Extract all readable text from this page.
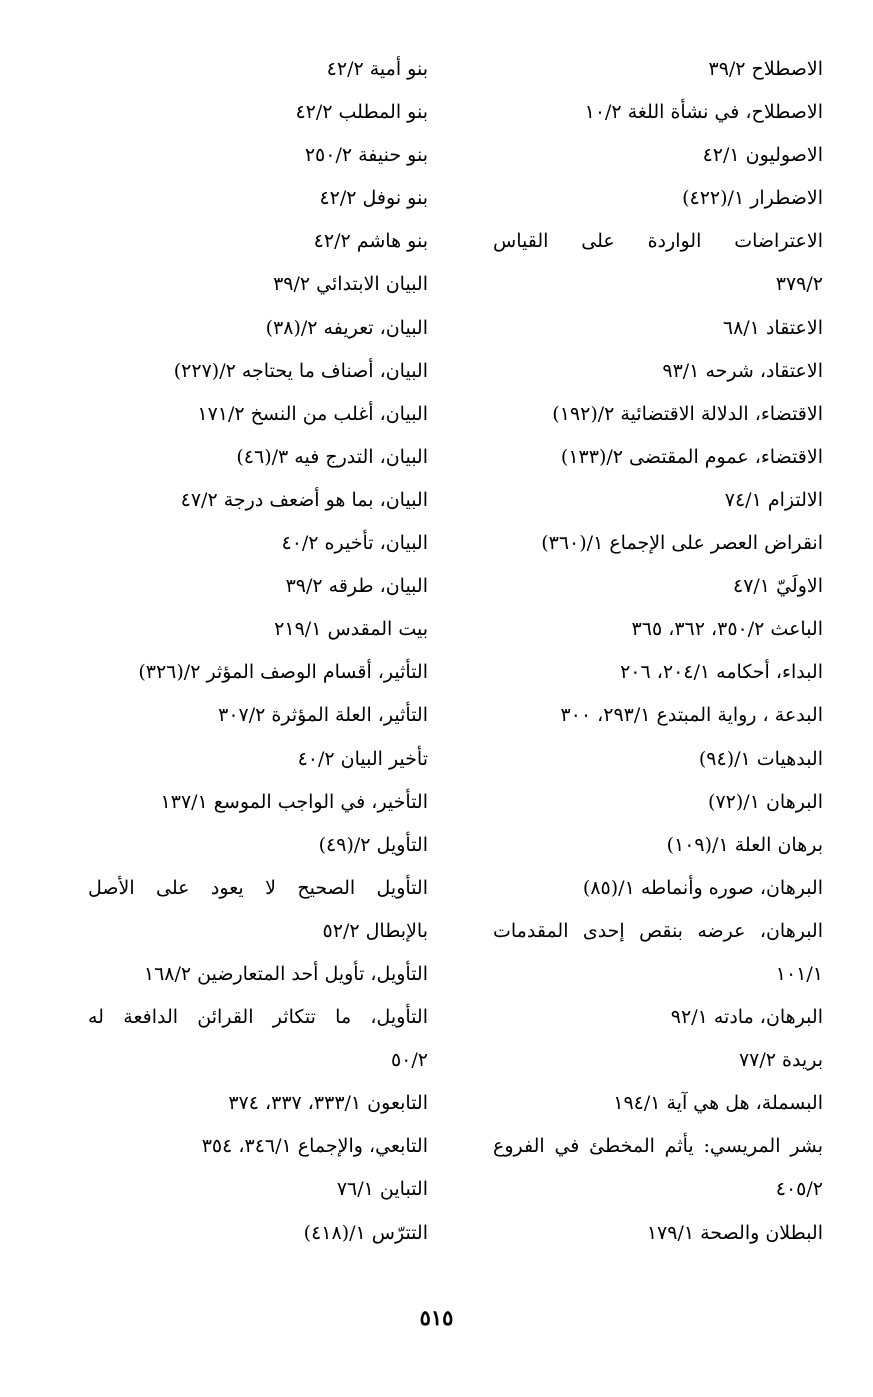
الاصطلاح ٣٩/٢
الاصطلاح، في نشأة اللغة ١٠/٢
الاصوليون ٤٢/١
الاضطرار ١/(٤٢٢)
الاعتراضات الواردة على القياس
٣٧٩/٢
الاعتقاد ٦٨/١
الاعتقاد، شرحه ٩٣/١
الاقتضاء، الدلالة الاقتضائية ٢/(١٩٢)
الاقتضاء، عموم المقتضى ٢/(١٣٣)
الالتزام ٧٤/١
انقراض العصر على الإجماع ١/(٣٦٠)
الاولَيّ ٤٧/١
الباعث ٣٥٠/٢، ٣٦٢، ٣٦٥
البداء، أحكامه ٢٠٤/١، ٢٠٦
البدعة ، رواية المبتدع ٢٩٣/١، ٣٠٠
البدهيات ١/(٩٤)
البرهان ١/(٧٢)
برهان العلة ١/(١٠٩)
البرهان، صوره وأنماطه ١/(٨٥)
البرهان، عرضه بنقص إحدى المقدمات
١٠١/١
البرهان، مادته ٩٢/١
بريدة ٧٧/٢
البسملة، هل هي آية ١٩٤/١
بشر المريسي: يأثم المخطئ في الفروع
٤٠٥/٢
البطلان والصحة ١٧٩/١
بنو أمية ٤٢/٢
بنو المطلب ٤٢/٢
بنو حنيفة ٢٥٠/٢
بنو نوفل ٤٢/٢
بنو هاشم ٤٢/٢
البيان الابتدائي ٣٩/٢
البيان، تعريفه ٢/(٣٨)
البيان، أصناف ما يحتاجه ٢/(٢٢٧)
البيان، أغلب من النسخ ١٧١/٢
البيان، التدرج فيه ٣/(٤٦)
البيان، بما هو أضعف درجة ٤٧/٢
البيان، تأخيره ٤٠/٢
البيان، طرقه ٣٩/٢
بيت المقدس ٢١٩/١
التأثير، أقسام الوصف المؤثر ٢/(٣٢٦)
التأثير، العلة المؤثرة ٣٠٧/٢
تأخير البيان ٤٠/٢
التأخير، في الواجب الموسع ١٣٧/١
التأويل ٢/(٤٩)
التأويل الصحيح لا يعود على الأصل
بالإبطال ٥٢/٢
التأويل، تأويل أحد المتعارضين ١٦٨/٢
التأويل، ما تتكاثر القرائن الدافعة له
٥٠/٢
التابعون ٣٣٣/١، ٣٣٧، ٣٧٤
التابعي، والإجماع ٣٤٦/١، ٣٥٤
التباين ٧٦/١
التترّس ١/(٤١٨)
٥١٥
